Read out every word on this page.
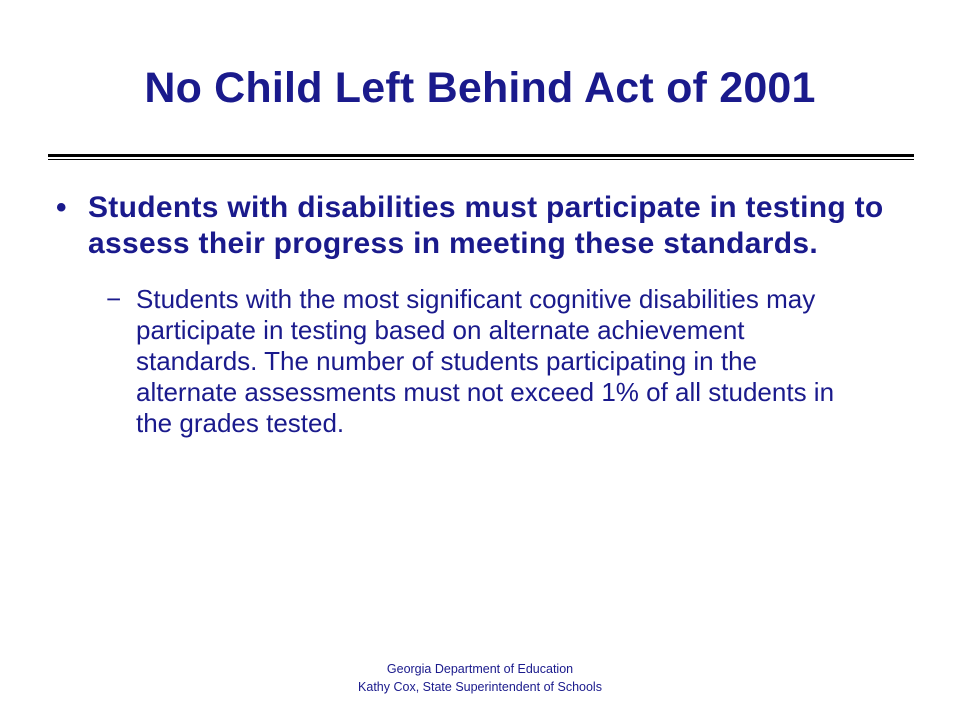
No Child Left Behind Act of 2001
• Students with disabilities must participate in testing to assess their progress in meeting these standards.
− Students with the most significant cognitive disabilities may participate in testing based on alternate achievement standards. The number of students participating in the alternate assessments must not exceed 1% of all students in the grades tested.
Georgia Department of Education
Kathy Cox, State Superintendent of Schools
